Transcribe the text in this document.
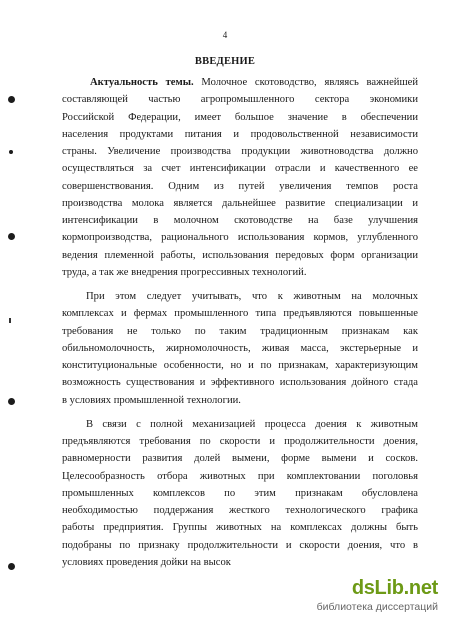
4
ВВЕДЕНИЕ
Актуальность темы. Молочное скотоводство, являясь важнейшей
составляющей частью агропромышленного сектора экономики
Российской Федерации, имеет большое значение в обеспечении
населения продуктами питания и продовольственной независимости
страны. Увеличение производства продукции животноводства должно
осуществляться за счет интенсификации отрасли и качественного ее
совершенствования. Одним из путей увеличения темпов роста
производства молока является дальнейшее развитие специализации и
интенсификации в молочном скотоводстве на базе улучшения
кормопроизводства, рационального использования кормов, углубленного
ведения племенной работы, использования передовых форм организации
труда, а так же внедрения прогрессивных технологий.
При этом следует учитывать, что к животным на молочных
комплексах и фермах промышленного типа предъявляются повышенные
требования не только по таким традиционным признакам как
обильномолочность, жирномолочность, живая масса, экстерьерные и
конституциональные особенности, но и по признакам, характеризующим
возможность существования и эффективного использования дойного стада
в условиях промышленной технологии.
В связи с полной механизацией процесса доения к животным
предъявляются требования по скорости и продолжительности доения,
равномерности развития долей вымени, форме вымени и сосков.
Целесообразность отбора животных при комплектовании поголовья
промышленных комплексов по этим признакам обусловлена
необходимостью поддержания жесткого технологического графика
работы предприятия. Группы животных на комплексах должны быть
подобраны по признаку продолжительности и скорости доения, что в
условиях проведения дойки на высок
dsLib.net
библиотека диссертаций
